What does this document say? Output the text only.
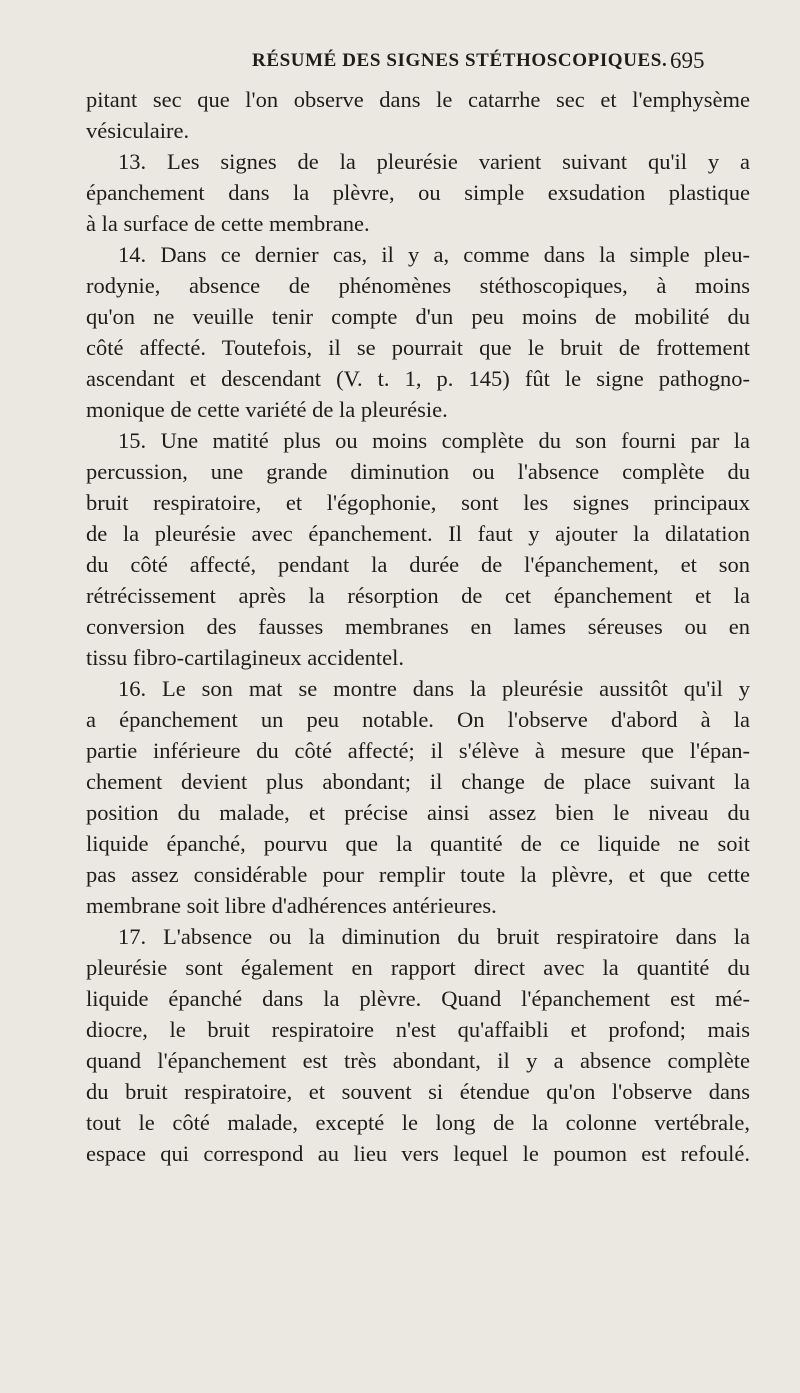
RÉSUMÉ DES SIGNES STÉTHOSCOPIQUES. 695
pitant sec que l'on observe dans le catarrhe sec et l'emphysème
vésiculaire.
13. Les signes de la pleurésie varient suivant qu'il y a
épanchement dans la plèvre, ou simple exsudation plastique
à la surface de cette membrane.
14. Dans ce dernier cas, il y a, comme dans la simple pleu-
rodynie, absence de phénomènes stéthoscopiques, à moins
qu'on ne veuille tenir compte d'un peu moins de mobilité du
côté affecté. Toutefois, il se pourrait que le bruit de frottement
ascendant et descendant (V. t. 1, p. 145) fût le signe pathogno-
monique de cette variété de la pleurésie.
15. Une matité plus ou moins complète du son fourni par la
percussion, une grande diminution ou l'absence complète du
bruit respiratoire, et l'égophonie, sont les signes principaux
de la pleurésie avec épanchement. Il faut y ajouter la dilatation
du côté affecté, pendant la durée de l'épanchement, et son
rétrécissement après la résorption de cet épanchement et la
conversion des fausses membranes en lames séreuses ou en
tissu fibro-cartilagineux accidentel.
16. Le son mat se montre dans la pleurésie aussitôt qu'il y
a épanchement un peu notable. On l'observe d'abord à la
partie inférieure du côté affecté; il s'élève à mesure que l'épan-
chement devient plus abondant; il change de place suivant la
position du malade, et précise ainsi assez bien le niveau du
liquide épanché, pourvu que la quantité de ce liquide ne soit
pas assez considérable pour remplir toute la plèvre, et que cette
membrane soit libre d'adhérences antérieures.
17. L'absence ou la diminution du bruit respiratoire dans la
pleurésie sont également en rapport direct avec la quantité du
liquide épanché dans la plèvre. Quand l'épanchement est mé-
diocre, le bruit respiratoire n'est qu'affaibli et profond; mais
quand l'épanchement est très abondant, il y a absence complète
du bruit respiratoire, et souvent si étendue qu'on l'observe dans
tout le côté malade, excepté le long de la colonne vertébrale,
espace qui correspond au lieu vers lequel le poumon est refoulé.
